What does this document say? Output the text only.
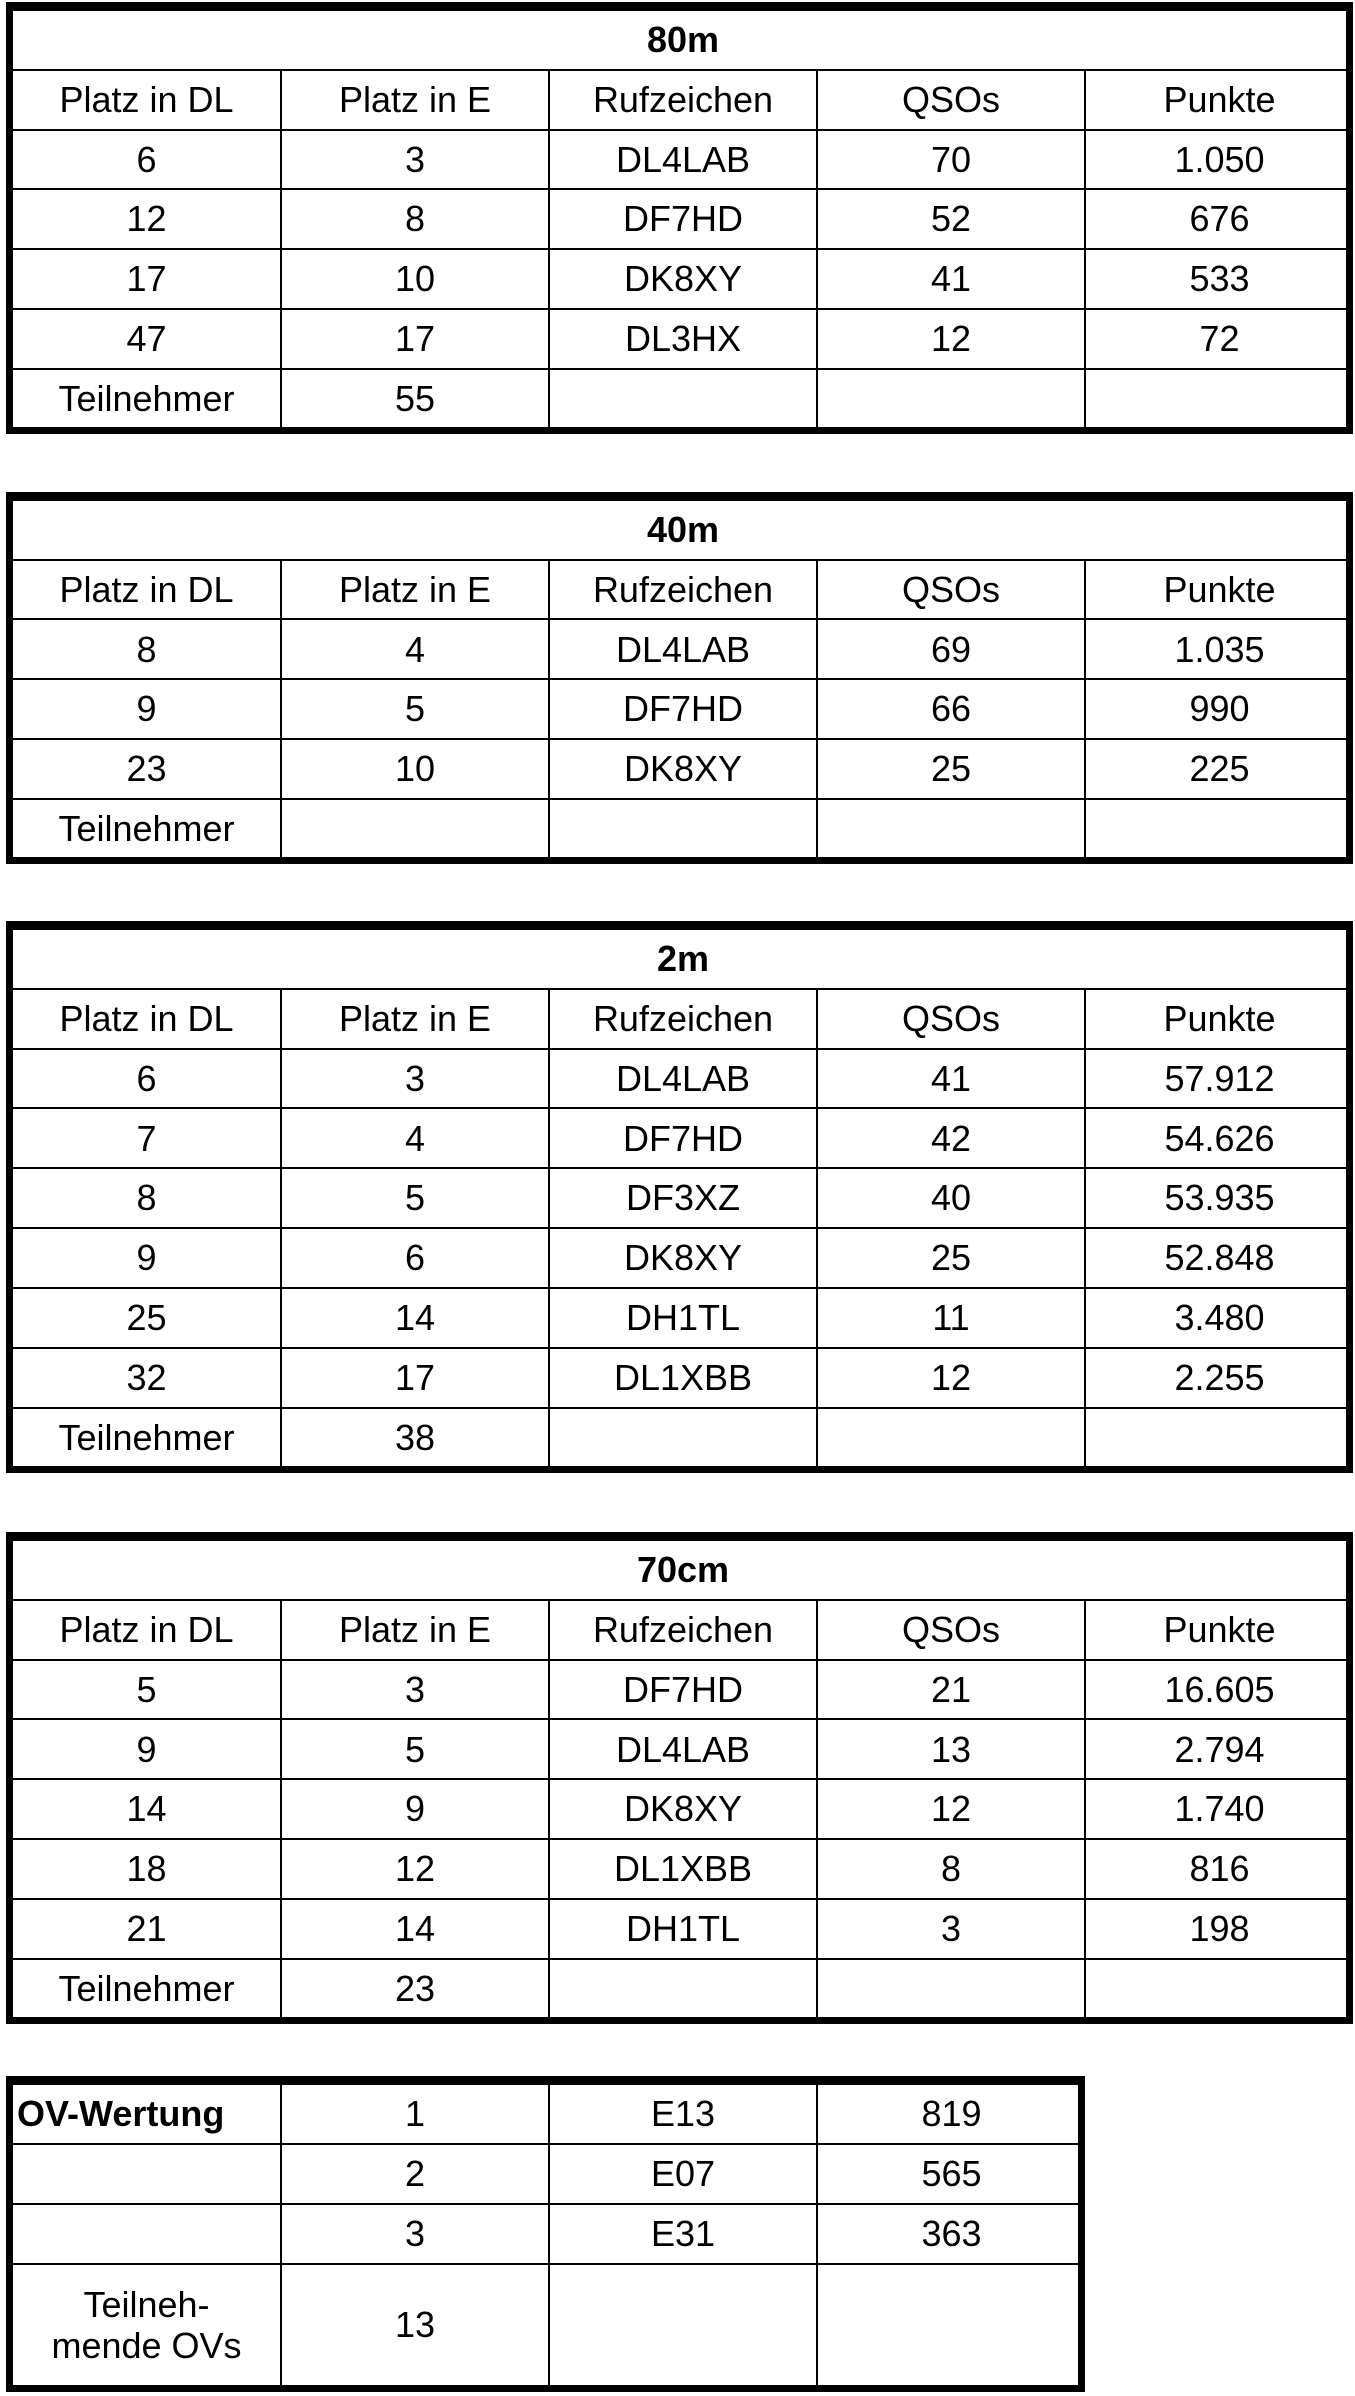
80m				
Platz in DL	Platz in E	Rufzeichen	QSOs	Punkte
6	3	DL4LAB	70	1.050
12	8	DF7HD	52	676
17	10	DK8XY	41	533
47	17	DL3HX	12	72
Teilnehmer	55			
40m				
Platz in DL	Platz in E	Rufzeichen	QSOs	Punkte
8	4	DL4LAB	69	1.035
9	5	DF7HD	66	990
23	10	DK8XY	25	225
Teilnehmer				
2m				
Platz in DL	Platz in E	Rufzeichen	QSOs	Punkte
6	3	DL4LAB	41	57.912
7	4	DF7HD	42	54.626
8	5	DF3XZ	40	53.935
9	6	DK8XY	25	52.848
25	14	DH1TL	11	3.480
32	17	DL1XBB	12	2.255
Teilnehmer	38			
70cm				
Platz in DL	Platz in E	Rufzeichen	QSOs	Punkte
5	3	DF7HD	21	16.605
9	5	DL4LAB	13	2.794
14	9	DK8XY	12	1.740
18	12	DL1XBB	8	816
21	14	DH1TL	3	198
Teilnehmer	23			
OV-Wertung	1	E13	819
	2	E07	565
	3	E31	363
Teilneh-
mende OVs	13		
